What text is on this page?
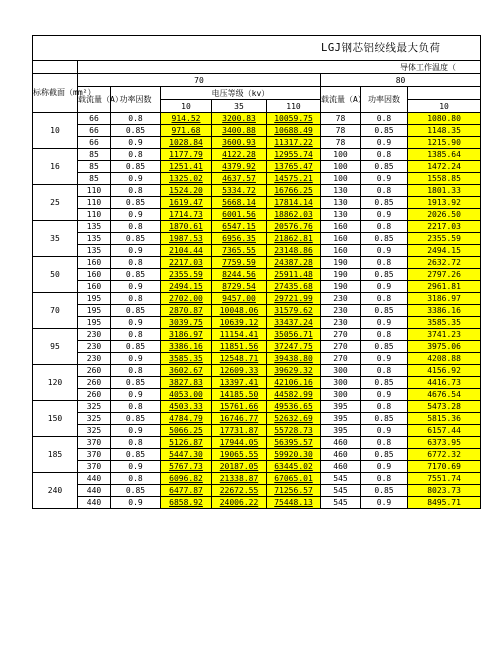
LGJ钢芯铝绞线最大负荷								
	导体工作温度（							
标称截面（mm²）	70					80		
	载流量（A）	功率因数	电压等级（kv）			载流量（A）	功率因数	
			10	35	110			
								10
10	66	0.8	914.52	3200.83	10059.75	78	0.8	1080.80
	66	0.85	971.68	3400.88	10688.49	78	0.85	1148.35
	66	0.9	1028.84	3600.93	11317.22	78	0.9	1215.90
16	85	0.8	1177.79	4122.28	12955.74	100	0.8	1385.64
	85	0.85	1251.41	4379.92	13765.47	100	0.85	1472.24
	85	0.9	1325.02	4637.57	14575.21	100	0.9	1558.85
25	110	0.8	1524.20	5334.72	16766.25	130	0.8	1801.33
	110	0.85	1619.47	5668.14	17814.14	130	0.85	1913.92
	110	0.9	1714.73	6001.56	18862.03	130	0.9	2026.50
35	135	0.8	1870.61	6547.15	20576.76	160	0.8	2217.03
	135	0.85	1987.53	6956.35	21862.81	160	0.85	2355.59
	135	0.9	2104.44	7365.55	23148.86	160	0.9	2494.15
50	160	0.8	2217.03	7759.59	24387.28	190	0.8	2632.72
	160	0.85	2355.59	8244.56	25911.48	190	0.85	2797.26
	160	0.9	2494.15	8729.54	27435.68	190	0.9	2961.81
70	195	0.8	2702.00	9457.00	29721.99	230	0.8	3186.97
	195	0.85	2870.87	10048.06	31579.62	230	0.85	3386.16
	195	0.9	3039.75	10639.12	33437.24	230	0.9	3585.35
95	230	0.8	3186.97	11154.41	35056.71	270	0.8	3741.23
	230	0.85	3386.16	11851.56	37247.75	270	0.85	3975.06
	230	0.9	3585.35	12548.71	39438.80	270	0.9	4208.88
120	260	0.8	3602.67	12609.33	39629.32	300	0.8	4156.92
	260	0.85	3827.83	13397.41	42106.16	300	0.85	4416.73
	260	0.9	4053.00	14185.50	44582.99	300	0.9	4676.54
150	325	0.8	4503.33	15761.66	49536.65	395	0.8	5473.28
	325	0.85	4784.79	16746.77	52632.69	395	0.85	5815.36
	325	0.9	5066.25	17731.87	55728.73	395	0.9	6157.44
185	370	0.8	5126.87	17944.05	56395.57	460	0.8	6373.95
	370	0.85	5447.30	19065.55	59920.30	460	0.85	6772.32
	370	0.9	5767.73	20187.05	63445.02	460	0.9	7170.69
240	440	0.8	6096.82	21338.87	67065.01	545	0.8	7551.74
	440	0.85	6477.87	22672.55	71256.57	545	0.85	8023.73
	440	0.9	6858.92	24006.22	75448.13	545	0.9	8495.71
